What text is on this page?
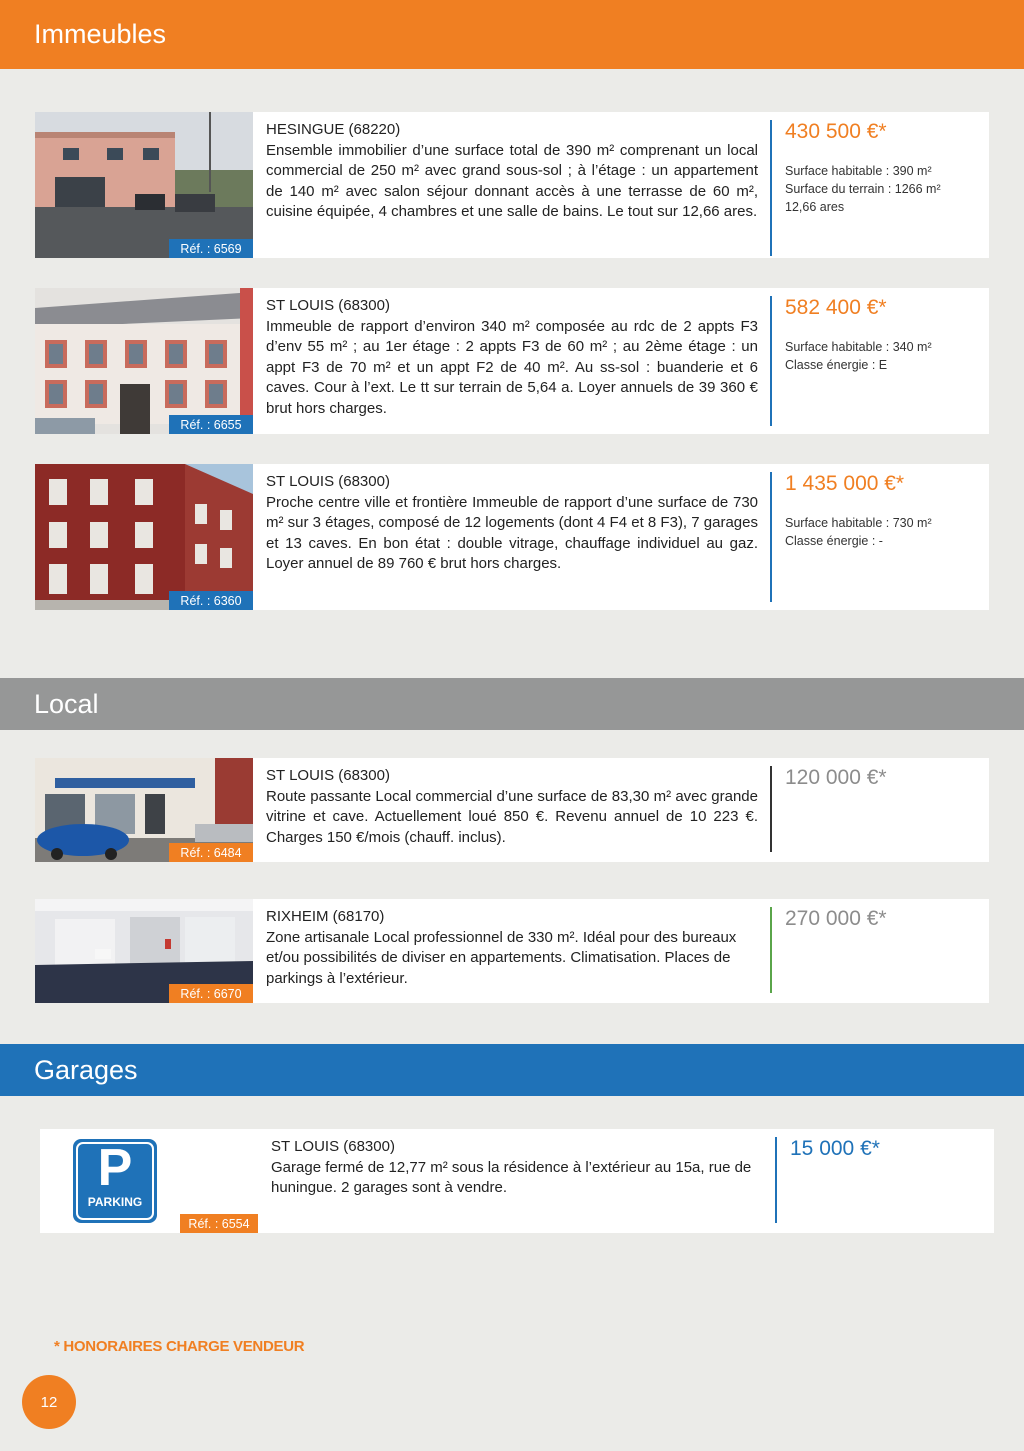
Immeubles
Réf. : 6569
HESINGUE (68220)
Ensemble immobilier d’une surface total de 390 m² comprenant un local commercial de 250 m² avec grand sous-sol ; à l’étage : un appartement de 140 m² avec salon séjour donnant accès à une terrasse de 60 m², cuisine équipée, 4 chambres et une salle de bains. Le tout sur 12,66 ares.
430 500 €*
Surface habitable : 390 m²
Surface du terrain : 1266 m²
12,66 ares
Réf. : 6655
ST LOUIS (68300)
Immeuble de rapport d’environ 340 m² composée au rdc de 2 appts F3 d’env 55 m² ; au 1er étage : 2 appts F3 de 60 m² ; au 2ème étage : un appt F3 de 70 m² et un appt F2 de 40 m². Au ss-sol : buanderie et 6 caves. Cour à l’ext. Le tt sur terrain de 5,64 a. Loyer annuels de 39 360 € brut hors charges.
582 400 €*
Surface habitable : 340 m²
Classe énergie : E
Réf. : 6360
ST LOUIS (68300)
Proche centre ville et frontière Immeuble de rapport d’une surface de 730 m² sur 3 étages, composé de 12 logements (dont 4 F4 et 8 F3), 7 garages et 13 caves. En bon état : double vitrage, chauffage individuel au gaz. Loyer annuel de 89 760 € brut hors charges.
1 435 000 €*
Surface habitable : 730 m²
Classe énergie : -
Local
Réf. : 6484
ST LOUIS (68300)
Route passante Local commercial d’une surface de 83,30 m² avec grande vitrine et cave. Actuellement loué 850 €. Revenu annuel de 10 223 €. Charges 150 €/mois (chauff. inclus).
120 000 €*
Réf. : 6670
RIXHEIM (68170)
Zone artisanale Local professionnel de 330 m². Idéal pour des bureaux et/ou possibilités de diviser en appartements. Climatisation. Places de parkings à l’extérieur.
270 000 €*
Garages
P
PARKING
Réf. : 6554
ST LOUIS (68300)
Garage fermé de 12,77 m² sous la résidence à l’extérieur au 15a, rue de huningue. 2 garages sont à vendre.
15 000 €*
* HONORAIRES CHARGE VENDEUR
12
